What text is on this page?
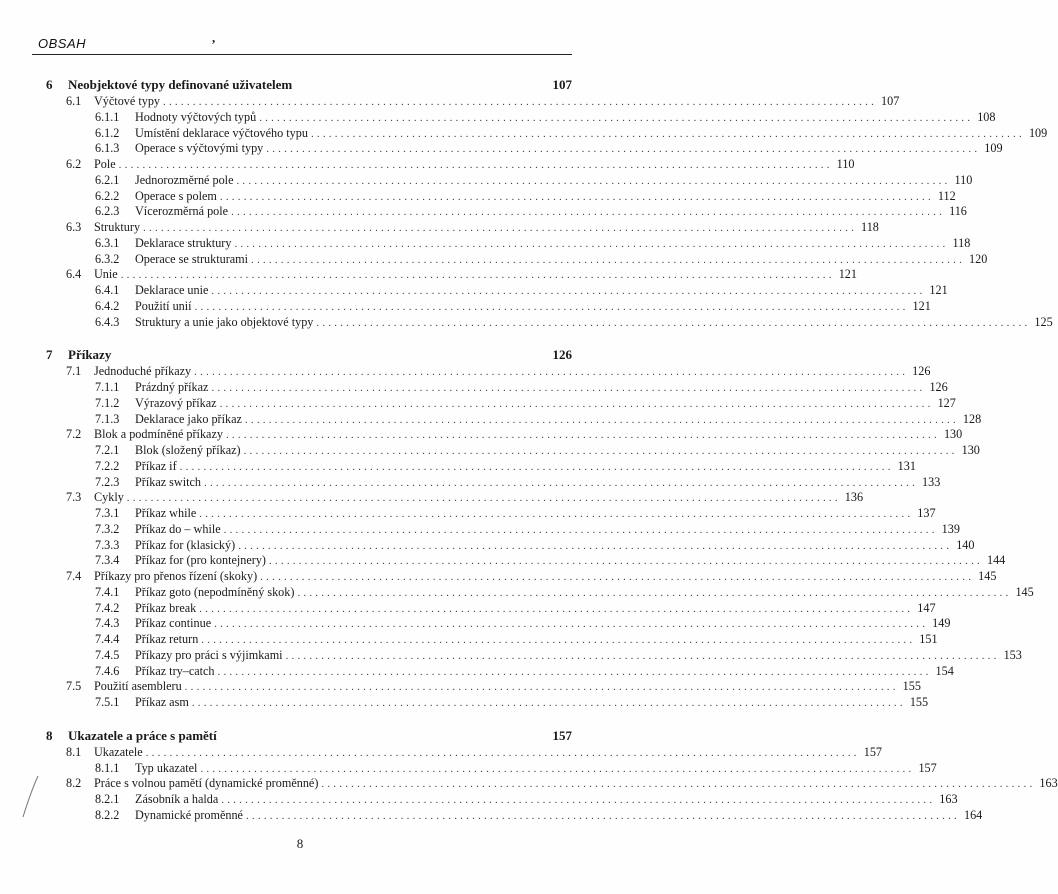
OBSAH	,
6	Neobjektové typy definované uživatelem	107
6.1	Výčtové typy ........................................................................................................................ 107
6.1.1	Hodnoty výčtových typů ........................................................................................................................ 108
6.1.2	Umístění deklarace výčtového typu ........................................................................................................................ 109
6.1.3	Operace s výčtovými typy ........................................................................................................................ 109
6.2	Pole ........................................................................................................................ 110
6.2.1	Jednorozměrné pole ........................................................................................................................ 110
6.2.2	Operace s polem ........................................................................................................................ 112
6.2.3	Vícerozměrná pole ........................................................................................................................ 116
6.3	Struktury ........................................................................................................................ 118
6.3.1	Deklarace struktury ........................................................................................................................ 118
6.3.2	Operace se strukturami ........................................................................................................................ 120
6.4	Unie ........................................................................................................................ 121
6.4.1	Deklarace unie ........................................................................................................................ 121
6.4.2	Použití unií ........................................................................................................................ 121
6.4.3	Struktury a unie jako objektové typy ........................................................................................................................ 125
7	Příkazy	126
7.1	Jednoduché příkazy ........................................................................................................................ 126
7.1.1	Prázdný příkaz ........................................................................................................................ 126
7.1.2	Výrazový příkaz ........................................................................................................................ 127
7.1.3	Deklarace jako příkaz ........................................................................................................................ 128
7.2	Blok a podmíněné příkazy ........................................................................................................................ 130
7.2.1	Blok (složený příkaz) ........................................................................................................................ 130
7.2.2	Příkaz if ........................................................................................................................ 131
7.2.3	Příkaz switch ........................................................................................................................ 133
7.3	Cykly ........................................................................................................................ 136
7.3.1	Příkaz while ........................................................................................................................ 137
7.3.2	Příkaz do – while ........................................................................................................................ 139
7.3.3	Příkaz for (klasický) ........................................................................................................................ 140
7.3.4	Příkaz for (pro kontejnery) ........................................................................................................................ 144
7.4	Příkazy pro přenos řízení (skoky) ........................................................................................................................ 145
7.4.1	Příkaz goto (nepodmíněný skok) ........................................................................................................................ 145
7.4.2	Příkaz break ........................................................................................................................ 147
7.4.3	Příkaz continue ........................................................................................................................ 149
7.4.4	Příkaz return ........................................................................................................................ 151
7.4.5	Příkazy pro práci s výjimkami ........................................................................................................................ 153
7.4.6	Příkaz try–catch ........................................................................................................................ 154
7.5	Použití asembleru ........................................................................................................................ 155
7.5.1	Příkaz asm ........................................................................................................................ 155
8	Ukazatele a práce s pamětí	157
8.1	Ukazatele ........................................................................................................................ 157
8.1.1	Typ ukazatel ........................................................................................................................ 157
8.2	Práce s volnou pamětí (dynamické proměnné) ........................................................................................................................ 163
8.2.1	Zásobník a halda ........................................................................................................................ 163
8.2.2	Dynamické proměnné ........................................................................................................................ 164
8
